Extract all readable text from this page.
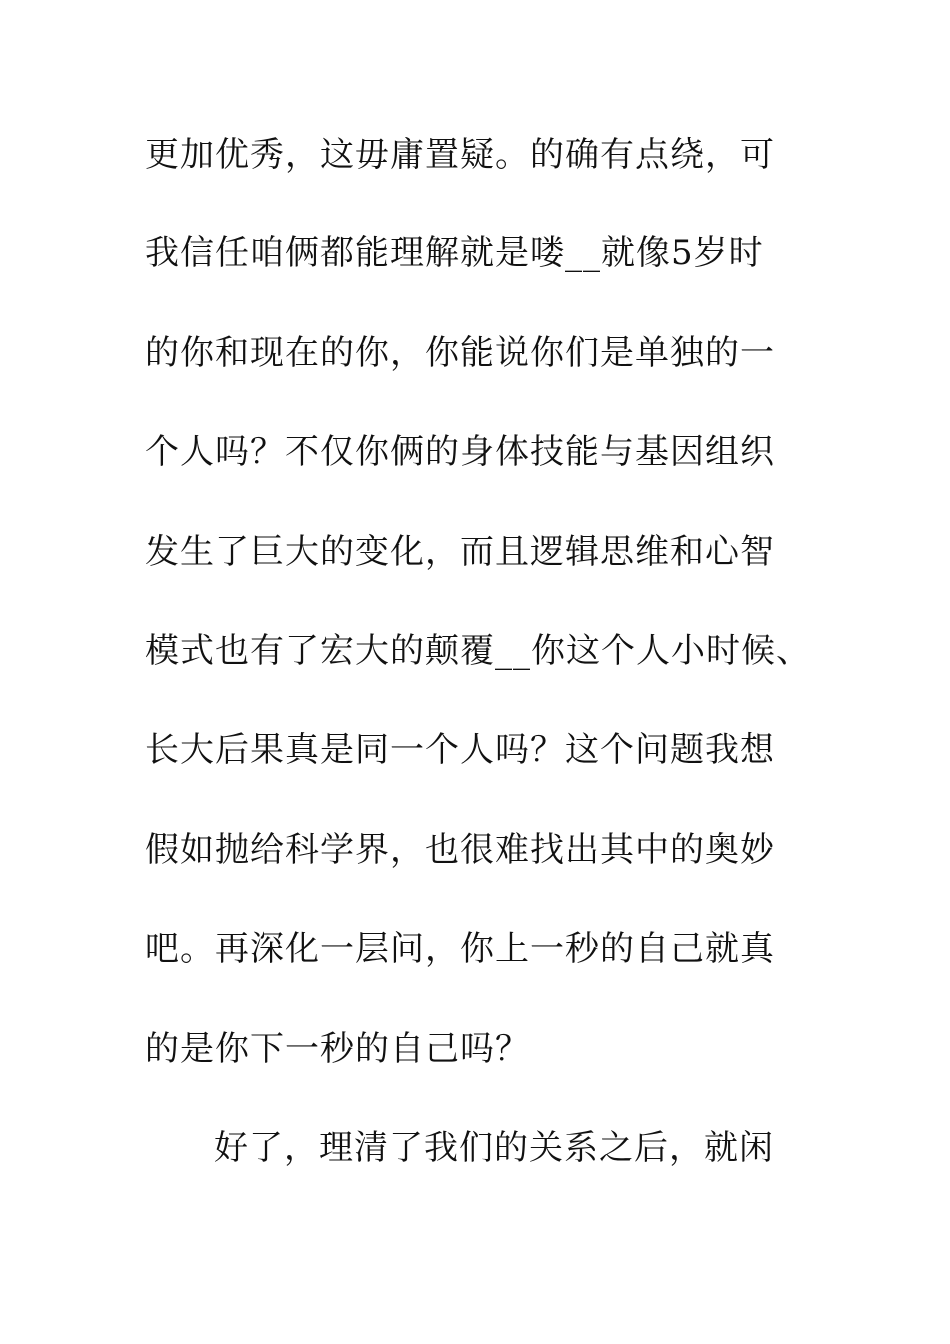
更加优秀，这毋庸置疑。的确有点绕，可

我信任咱俩都能理解就是喽__就像5岁时

的你和现在的你，你能说你们是单独的一

个人吗？不仅你俩的身体技能与基因组织

发生了巨大的变化，而且逻辑思维和心智

模式也有了宏大的颠覆__你这个人小时候、

长大后果真是同一个人吗？这个问题我想

假如抛给科学界，也很难找出其中的奥妙

吧。再深化一层问，你上一秒的自己就真

的是你下一秒的自己吗？

好了，理清了我们的关系之后，就闲
